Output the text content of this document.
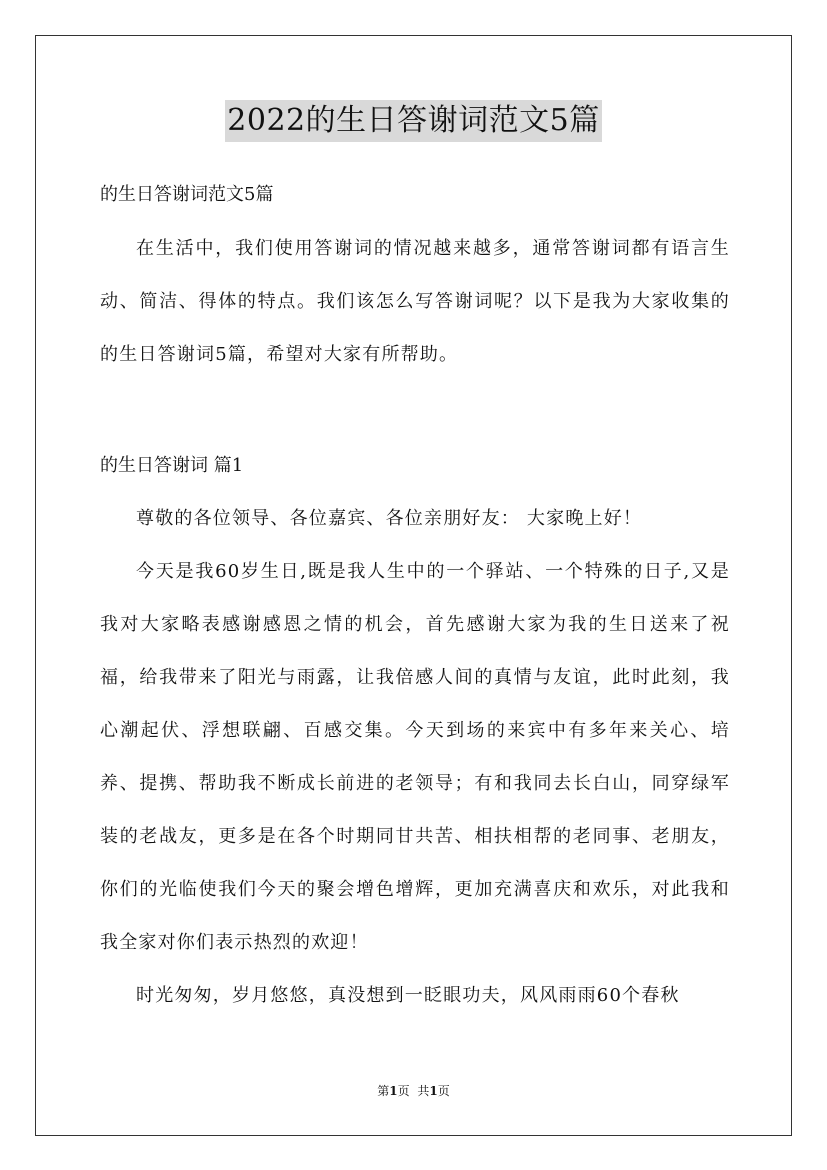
2022的生日答谢词范文5篇
的生日答谢词范文5篇

在生活中，我们使用答谢词的情况越来越多，通常答谢词都有语言生动、简洁、得体的特点。我们该怎么写答谢词呢？以下是我为大家收集的的生日答谢词5篇，希望对大家有所帮助。

的生日答谢词 篇1

尊敬的各位领导、各位嘉宾、各位亲朋好友： 大家晚上好！

今天是我60岁生日,既是我人生中的一个驿站、一个特殊的日子,又是我对大家略表感谢感恩之情的机会，首先感谢大家为我的生日送来了祝福，给我带来了阳光与雨露，让我倍感人间的真情与友谊，此时此刻，我心潮起伏、浮想联翩、百感交集。今天到场的来宾中有多年来关心、培养、提携、帮助我不断成长前进的老领导；有和我同去长白山，同穿绿军装的老战友，更多是在各个时期同甘共苦、相扶相帮的老同事、老朋友，你们的光临使我们今天的聚会增色增辉，更加充满喜庆和欢乐，对此我和我全家对你们表示热烈的欢迎！

时光匆匆，岁月悠悠，真没想到一眨眼功夫，风风雨雨60个春秋

第1页 共1页
